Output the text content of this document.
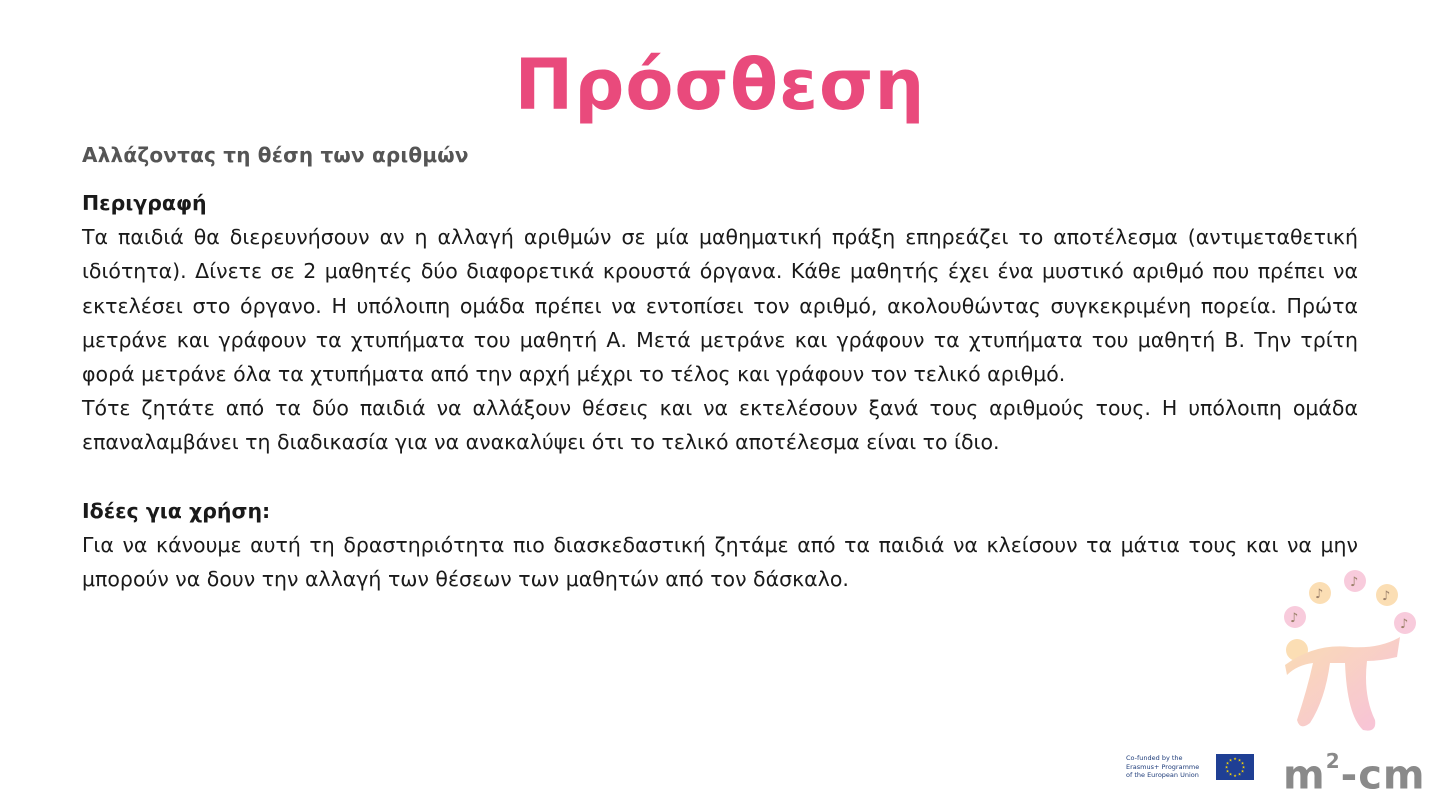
Πρόσθεση
Αλλάζοντας τη θέση των αριθμών

Περιγραφή

Τα παιδιά θα διερευνήσουν αν η αλλαγή αριθμών σε μία μαθηματική πράξη επηρεάζει το αποτέλεσμα (αντιμεταθετική ιδιότητα). Δίνετε σε 2 μαθητές δύο διαφορετικά κρουστά όργανα. Κάθε μαθητής έχει ένα μυστικό αριθμό που πρέπει να εκτελέσει στο όργανο. Η υπόλοιπη ομάδα πρέπει να εντοπίσει τον αριθμό, ακολουθώντας συγκεκριμένη πορεία. Πρώτα μετράνε και γράφουν τα χτυπήματα του μαθητή Α. Μετά μετράνε και γράφουν τα χτυπήματα του μαθητή Β. Την τρίτη φορά μετράνε όλα τα χτυπήματα από την αρχή μέχρι το τέλος και γράφουν τον τελικό αριθμό.

Τότε ζητάτε από τα δύο παιδιά να αλλάξουν θέσεις και να εκτελέσουν ξανά τους αριθμούς τους. Η υπόλοιπη ομάδα επαναλαμβάνει τη διαδικασία για να ανακαλύψει ότι το τελικό αποτέλεσμα είναι το ίδιο.

Ιδέες για χρήση:

Για να κάνουμε αυτή τη δραστηριότητα πιο διασκεδαστική ζητάμε από τα παιδιά να κλείσουν τα μάτια τους και να μην μπορούν να δουν την αλλαγή των θέσεων των μαθητών από τον δάσκαλο.

♪
♪
♪
♪	♪
Co-funded by the
Erasmus+ Programme
of the European Union
★ ★
★
★
★
★
★
★
★
★
★
★ $m^2-cm$
